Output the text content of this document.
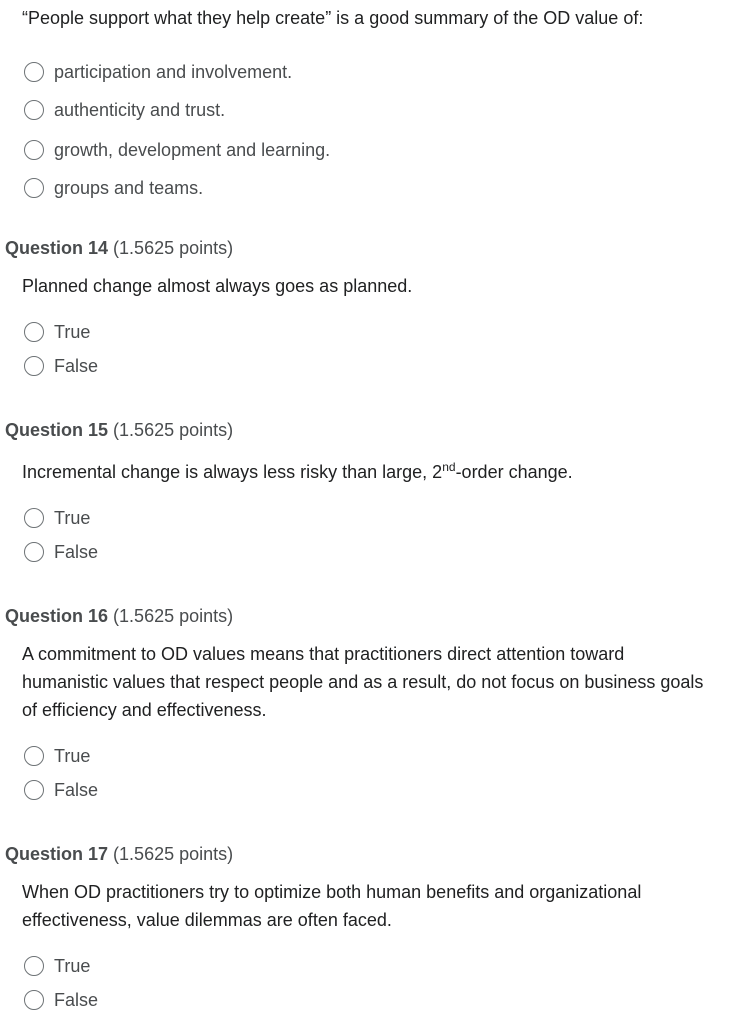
“People support what they help create” is a good summary of the OD value of:
participation and involvement.
authenticity and trust.
growth, development and learning.
groups and teams.
Question 14 (1.5625 points)
Planned change almost always goes as planned.
True
False
Question 15 (1.5625 points)
Incremental change is always less risky than large, 2nd-order change.
True
False
Question 16 (1.5625 points)
A commitment to OD values means that practitioners direct attention toward
humanistic values that respect people and as a result, do not focus on business goals
of efficiency and effectiveness.
True
False
Question 17 (1.5625 points)
When OD practitioners try to optimize both human benefits and organizational
effectiveness, value dilemmas are often faced.
True
False
